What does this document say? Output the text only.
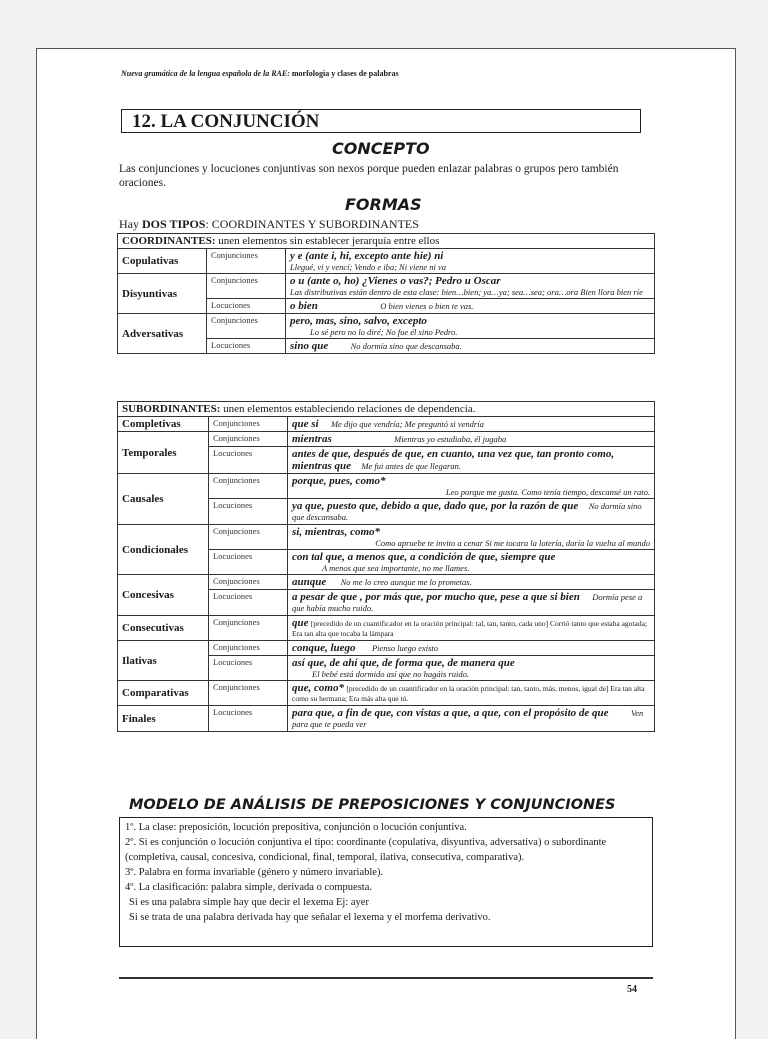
Nueva gramática de la lengua española de la RAE: morfología y clases de palabras
12. LA CONJUNCIÓN
CONCEPTO
Las conjunciones y locuciones conjuntivas son nexos porque pueden enlazar palabras o grupos pero también oraciones.
FORMAS
Hay DOS TIPOS: COORDINANTES Y SUBORDINANTES
COORDINANTES: unen elementos sin establecer jerarquía entre ellos		
Copulativas	Conjunciones	y e (ante i, hi, excepto ante hie) ni
Llegué, vi y vencí; Vendo e iba; Ni viene ni va

Disyuntivas	Conjunciones	o u (ante o, ho) ¿Vienes o vas?; Pedro u Oscar
Las distributivas están dentro de esta clase: bien…bien; ya…ya; sea…sea; ora…ora Bien llora bien ríe

	Locuciones	o bien O bien vienes o bien te vas.
Adversativas	Conjunciones	pero, mas, sino, salvo, excepto
Lo sé pero no lo diré; No fue él sino Pedro.

	Locuciones	sino que No dormía sino que descansaba.
SUBORDINANTES: unen elementos estableciendo relaciones de dependencia.		
Completivas	Conjunciones	que si Me dijo que vendría; Me preguntó si vendría
Temporales	Conjunciones	mientras Mientras yo estudiaba, él jugaba
	Locuciones	antes de que, después de que, en cuanto, una vez que, tan pronto como, mientras que Me fui antes de que llegaran.
Causales	Conjunciones	porque, pues, como*
Leo porque me gusta. Como tenía tiempo, descansé un rato.

	Locuciones	ya que, puesto que, debido a que, dado que, por la razón de que No dormía sino que descansaba.
Condicionales	Conjunciones	si, mientras, como*
Como apruebe te invito a cenar Si me tocara la lotería, daría la vuelta al mundo

	Locuciones	con tal que, a menos que, a condición de que, siempre que
A menos que sea importante, no me llames.

Concesivas	Conjunciones	aunque No me lo creo aunque me lo prometas.
	Locuciones	a pesar de que , por más que, por mucho que, pese a que si bien Dormía pese a que había mucho ruido.
Consecutivas	Conjunciones	que [precedido de un cuantificador en la oración principal: tal, tan, tanto, cada uno] Corrió tanto que estaba agotada; Era tan alta que tocaba la lámpara
Ilativas	Conjunciones	conque, luego Pienso luego existo
	Locuciones	así que, de ahí que, de forma que, de manera que
El bebé está dormido así que no hagáis ruido.

Comparativas	Conjunciones	que, como* [precedido de un cuantificador en la oración principal: tan, tanto, más, menos, igual de] Era tan alta como su hermana; Era más alta que tú.
Finales	Locuciones	para que, a fin de que, con vistas a que, a que, con el propósito de que Ven para que te pueda ver
MODELO DE ANÁLISIS DE PREPOSICIONES Y CONJUNCIONES
1º. La clase: preposición, locución prepositiva, conjunción o locución conjuntiva.
2º. Si es conjunción o locución conjuntiva el tipo: coordinante (copulativa, disyuntiva, adversativa) o subordinante (completiva, causal, concesiva, condicional, final, temporal, ilativa, consecutiva, comparativa).
3º. Palabra en forma invariable (género y número invariable).
4º. La clasificación: palabra simple, derivada o compuesta.
Si es una palabra simple hay que decir el lexema Ej: ayer
Si se trata de una palabra derivada hay que señalar el lexema y el morfema derivativo.
54
